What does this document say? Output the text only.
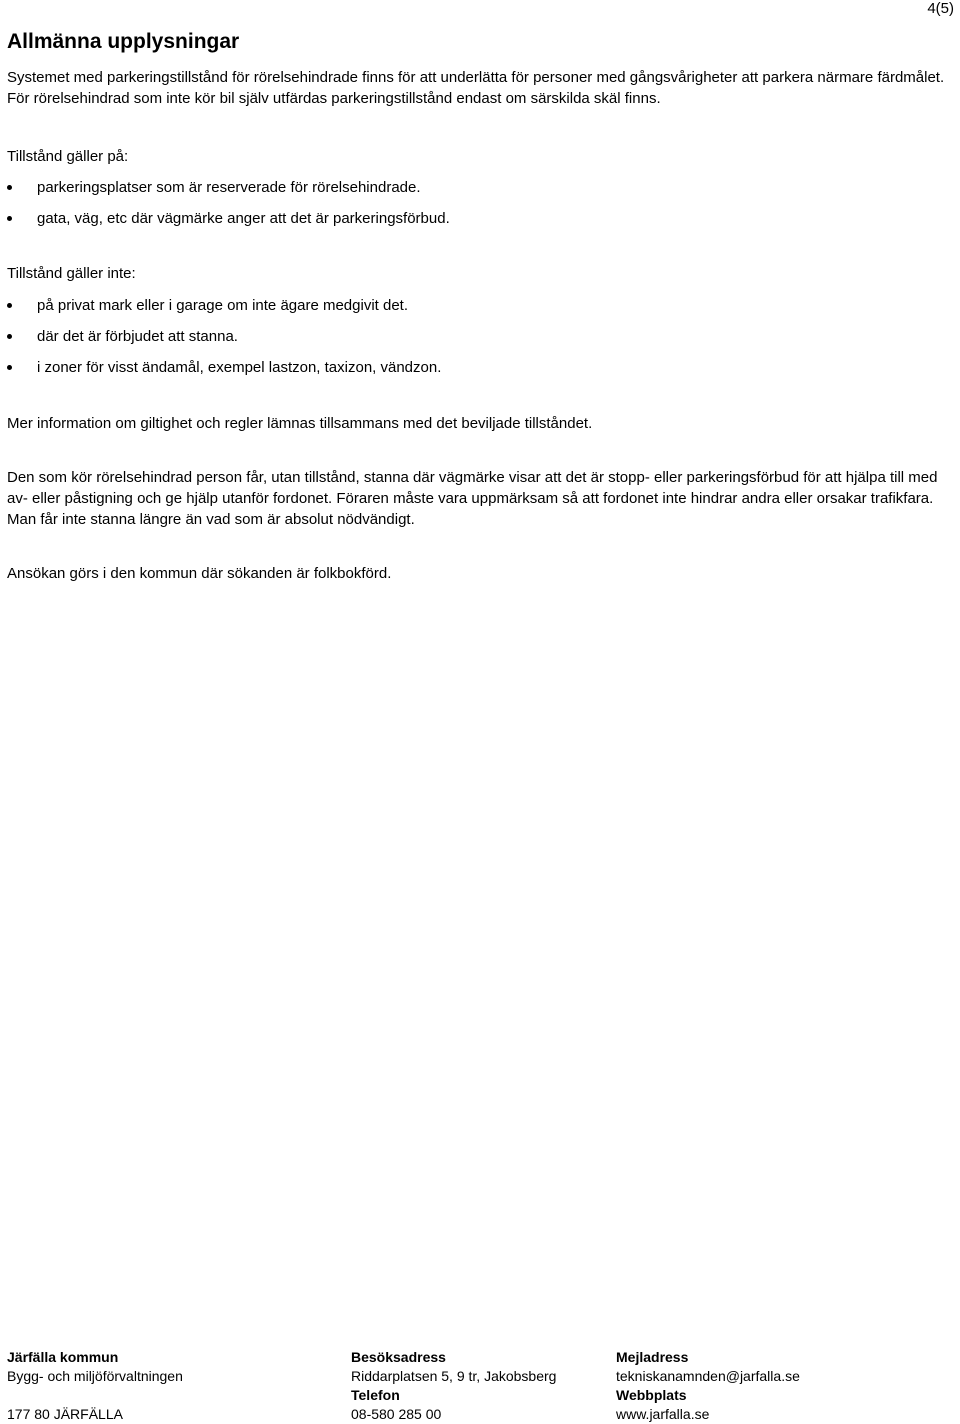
4(5)
Allmänna upplysningar

Systemet med parkeringstillstånd för rörelsehindrade finns för att underlätta för personer med gångsvårigheter att parkera närmare färdmålet. För rörelsehindrad som inte kör bil själv utfärdas parkeringstillstånd endast om särskilda skäl finns.

Tillstånd gäller på:

parkeringsplatser som är reserverade för rörelsehindrade.
gata, väg, etc där vägmärke anger att det är parkeringsförbud.

Tillstånd gäller inte:

på privat mark eller i garage om inte ägare medgivit det.
där det är förbjudet att stanna.
i zoner för visst ändamål, exempel lastzon, taxizon, vändzon.

Mer information om giltighet och regler lämnas tillsammans med det beviljade tillståndet.

Den som kör rörelsehindrad person får, utan tillstånd, stanna där vägmärke visar att det är stopp- eller parkeringsförbud för att hjälpa till med av- eller påstigning och ge hjälp utanför fordonet. Föraren måste vara uppmärksam så att fordonet inte hindrar andra eller orsakar trafikfara. Man får inte stanna längre än vad som är absolut nödvändigt.

Ansökan görs i den kommun där sökanden är folkbokförd.

Järfälla kommun
Bygg- och miljöförvaltningen
177 80 JÄRFÄLLA
Besöksadress
Riddarplatsen 5, 9 tr, Jakobsberg
Telefon
08-580 285 00
Mejladress
tekniskanamnden@jarfalla.se
Webbplats
www.jarfalla.se
